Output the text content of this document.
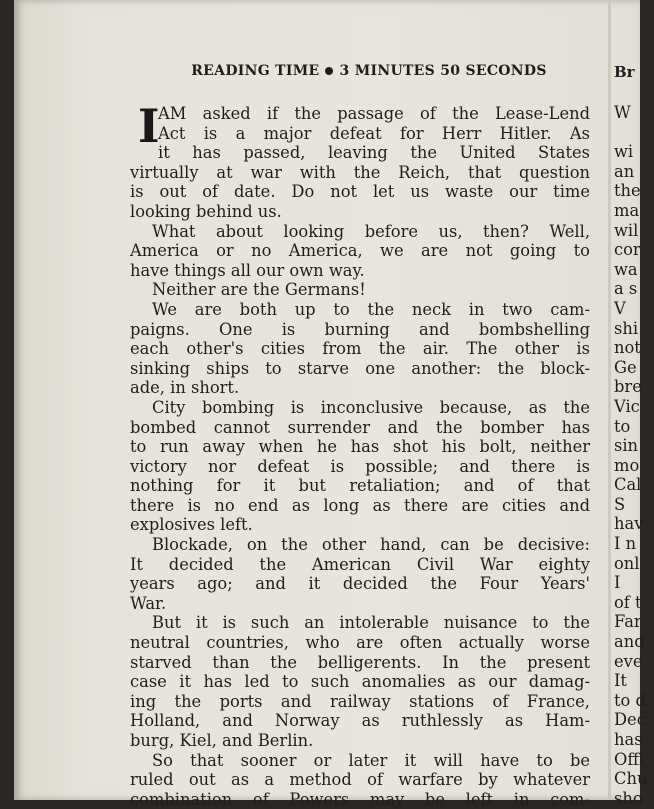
READING TIME 3 MINUTES 50 SECONDS
I
AM asked if the passage of the Lease-Lend
Act is a major defeat for Herr Hitler. As
it has passed, leaving the United States
virtually at war with the Reich, that question
is out of date. Do not let us waste our time
looking behind us.
What about looking before us, then? Well,
America or no America, we are not going to
have things all our own way.
Neither are the Germans!
We are both up to the neck in two cam-
paigns. One is burning and bombshelling
each other's cities from the air. The other is
sinking ships to starve one another: the block-
ade, in short.
City bombing is inconclusive because, as the
bombed cannot surrender and the bomber has
to run away when he has shot his bolt, neither
victory nor defeat is possible; and there is
nothing for it but retaliation; and of that
there is no end as long as there are cities and
explosives left.
Blockade, on the other hand, can be decisive:
It decided the American Civil War eighty
years ago; and it decided the Four Years'
War.
But it is such an intolerable nuisance to the
neutral countries, who are often actually worse
starved than the belligerents. In the present
case it has led to such anomalies as our damag-
ing the ports and railway stations of France,
Holland, and Norway as ruthlessly as Ham-
burg, Kiel, and Berlin.
So that sooner or later it will have to be
ruled out as a method of warfare by whatever
combination of Powers may be left in com-
Br
W
wi
an
the
ma
wil
cor
wa
a s
V
shi
not
Ge
bre
Vic
to
sin
mo
Cal
S
hav
I n
onl
I
of t
Far
and
eve
It
to d
Dec
has
Offi
Chu
sho
